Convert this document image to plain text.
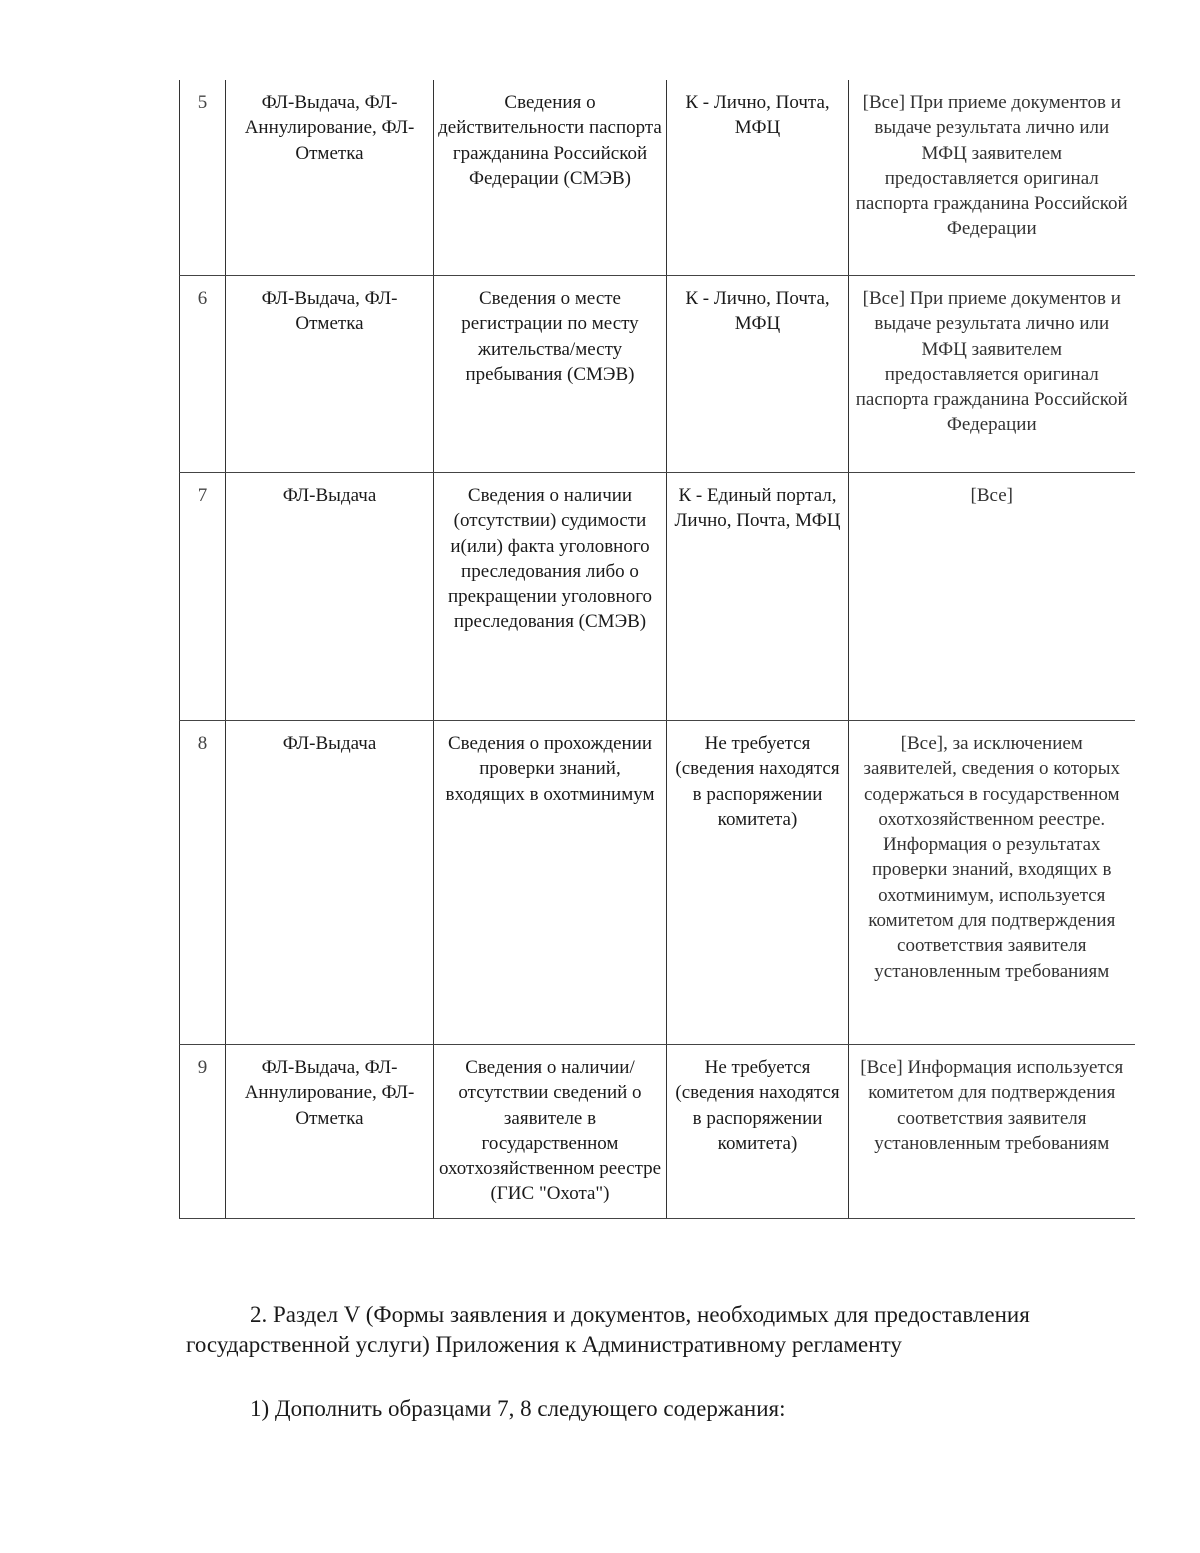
5	ФЛ-Выдача, ФЛ-Аннулирование, ФЛ-Отметка	Сведения о действительности паспорта гражданина Российской Федерации (СМЭВ)	К - Лично, Почта, МФЦ	[Все] При приеме документов и выдаче результата лично или МФЦ заявителем предоставляется оригинал паспорта гражданина Российской Федерации
6	ФЛ-Выдача, ФЛ-Отметка	Сведения о месте регистрации по месту жительства/месту пребывания (СМЭВ)	К - Лично, Почта, МФЦ	[Все] При приеме документов и выдаче результата лично или МФЦ заявителем предоставляется оригинал паспорта гражданина Российской Федерации
7	ФЛ-Выдача	Сведения о наличии (отсутствии) судимости и(или) факта уголовного преследования либо о прекращении уголовного преследования (СМЭВ)	К - Единый портал, Лично, Почта, МФЦ	[Все]
8	ФЛ-Выдача	Сведения о прохождении проверки знаний, входящих в охотминимум	Не требуется (сведения находятся в распоряжении комитета)	[Все], за исключением заявителей, сведения о которых содержаться в государственном охотхозяйственном реестре. Информация о результатах проверки знаний, входящих в охотминимум, используется комитетом для подтверждения соответствия заявителя установленным требованиям
9	ФЛ-Выдача, ФЛ-Аннулирование, ФЛ-Отметка	Сведения о наличии/отсутствии сведений о заявителе в государственном охотхозяйственном реестре (ГИС "Охота")	Не требуется (сведения находятся в распоряжении комитета)	[Все] Информация используется комитетом для подтверждения соответствия заявителя установленным требованиям

2. Раздел V (Формы заявления и документов, необходимых для предоставления государственной услуги) Приложения к Административному регламенту

1) Дополнить образцами 7, 8 следующего содержания:
